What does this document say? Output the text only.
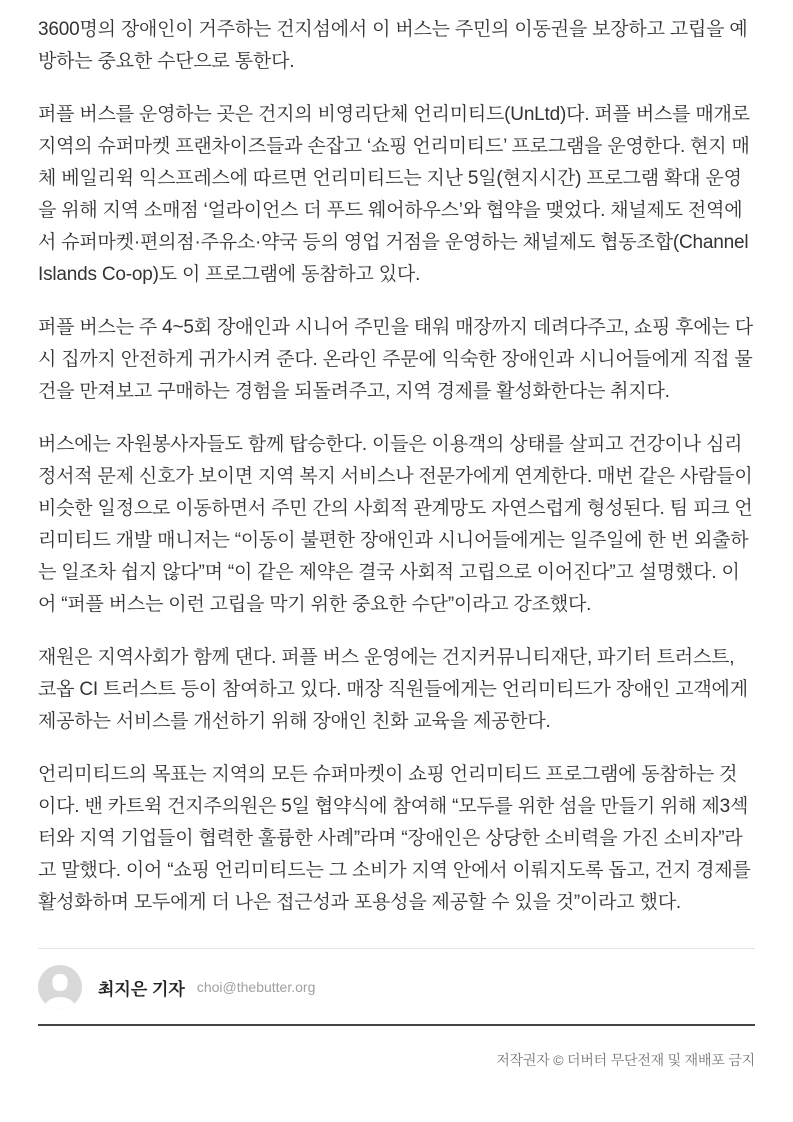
3600명의 장애인이 거주하는 건지섬에서 이 버스는 주민의 이동권을 보장하고 고립을 예방하는 중요한 수단으로 통한다.

퍼플 버스를 운영하는 곳은 건지의 비영리단체 언리미티드(UnLtd)다. 퍼플 버스를 매개로 지역의 슈퍼마켓 프랜차이즈들과 손잡고 ‘쇼핑 언리미티드’ 프로그램을 운영한다. 현지 매체 베일리윅 익스프레스에 따르면 언리미티드는 지난 5일(현지시간) 프로그램 확대 운영을 위해 지역 소매점 ‘얼라이언스 더 푸드 웨어하우스’와 협약을 맺었다. 채널제도 전역에서 슈퍼마켓·편의점·주유소·약국 등의 영업 거점을 운영하는 채널제도 협동조합(Channel Islands Co-op)도 이 프로그램에 동참하고 있다.

퍼플 버스는 주 4~5회 장애인과 시니어 주민을 태워 매장까지 데려다주고, 쇼핑 후에는 다시 집까지 안전하게 귀가시켜 준다. 온라인 주문에 익숙한 장애인과 시니어들에게 직접 물건을 만져보고 구매하는 경험을 되돌려주고, 지역 경제를 활성화한다는 취지다.

버스에는 자원봉사자들도 함께 탑승한다. 이들은 이용객의 상태를 살피고 건강이나 심리정서적 문제 신호가 보이면 지역 복지 서비스나 전문가에게 연계한다. 매번 같은 사람들이 비슷한 일정으로 이동하면서 주민 간의 사회적 관계망도 자연스럽게 형성된다. 팀 피크 언리미티드 개발 매니저는 “이동이 불편한 장애인과 시니어들에게는 일주일에 한 번 외출하는 일조차 쉽지 않다”며 “이 같은 제약은 결국 사회적 고립으로 이어진다”고 설명했다. 이어 “퍼플 버스는 이런 고립을 막기 위한 중요한 수단”이라고 강조했다.

재원은 지역사회가 함께 댄다. 퍼플 버스 운영에는 건지커뮤니티재단, 파기터 트러스트, 코옵 CI 트러스트 등이 참여하고 있다. 매장 직원들에게는 언리미티드가 장애인 고객에게 제공하는 서비스를 개선하기 위해 장애인 친화 교육을 제공한다.

언리미티드의 목표는 지역의 모든 슈퍼마켓이 쇼핑 언리미티드 프로그램에 동참하는 것이다. 밴 카트윅 건지주의원은 5일 협약식에 참여해 “모두를 위한 섬을 만들기 위해 제3섹터와 지역 기업들이 협력한 훌륭한 사례”라며 “장애인은 상당한 소비력을 가진 소비자”라고 말했다. 이어 “쇼핑 언리미티드는 그 소비가 지역 안에서 이뤄지도록 돕고, 건지 경제를 활성화하며 모두에게 더 나은 접근성과 포용성을 제공할 수 있을 것”이라고 했다.

최지은 기자 choi@thebutter.org
저작권자 © 더버터 무단전재 및 재배포 금지
